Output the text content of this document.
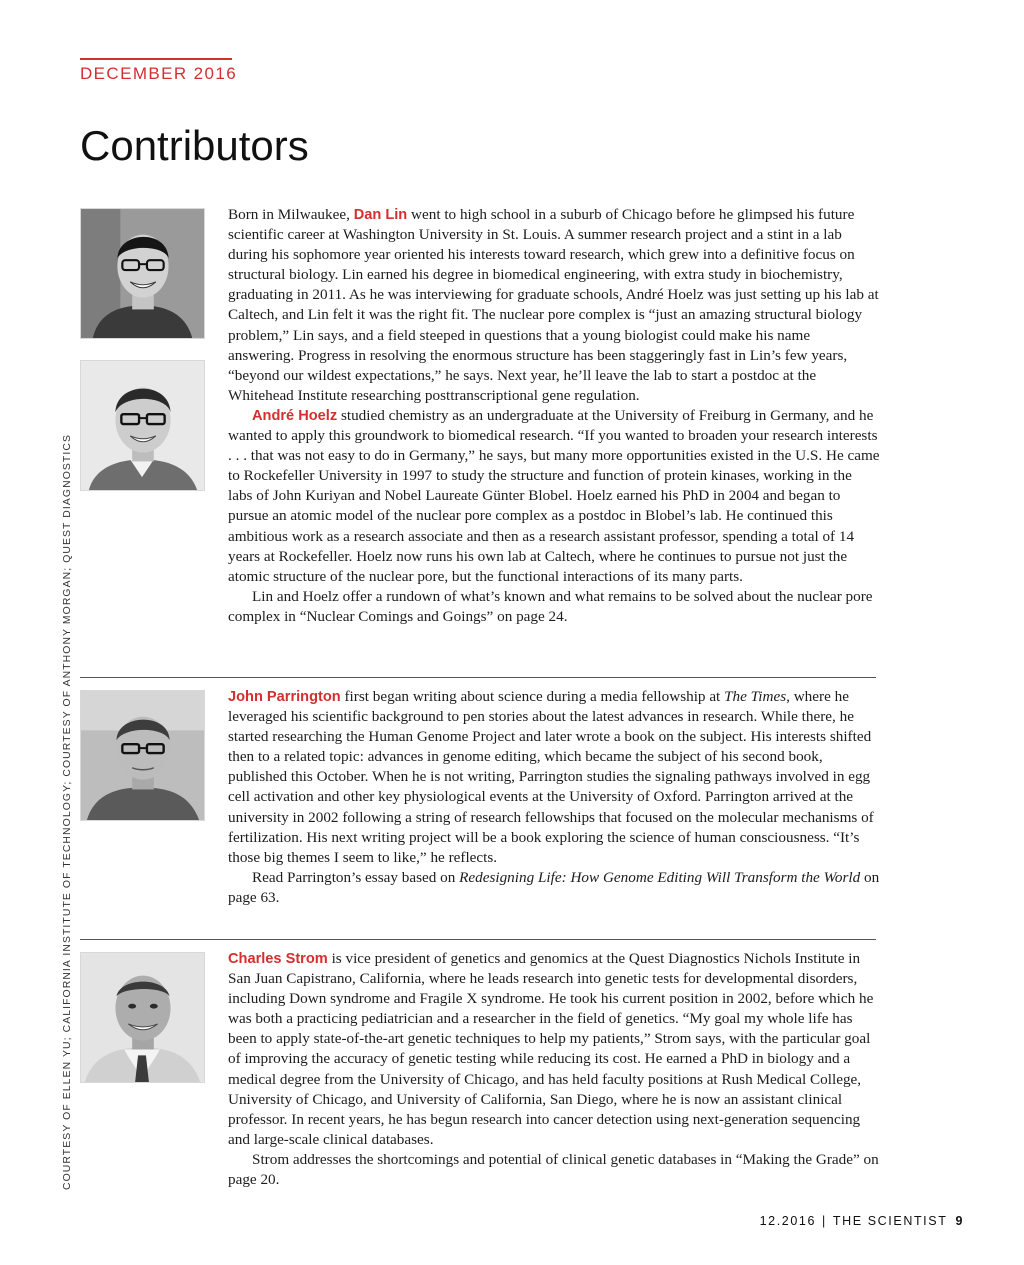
DECEMBER 2016
Contributors
COURTESY OF ELLEN YU; CALIFORNIA INSTITUTE OF TECHNOLOGY; COURTESY OF ANTHONY MORGAN; QUEST DIAGNOSTICS

Born in Milwaukee, Dan Lin went to high school in a suburb of Chicago before he glimpsed his future scientific career at Washington University in St. Louis. A summer research project and a stint in a lab during his sophomore year oriented his interests toward research, which grew into a definitive focus on structural biology. Lin earned his degree in biomedical engineering, with extra study in biochemistry, graduating in 2011. As he was interviewing for graduate schools, André Hoelz was just setting up his lab at Caltech, and Lin felt it was the right fit. The nuclear pore complex is “just an amazing structural biology problem,” Lin says, and a field steeped in questions that a young biologist could make his name answering. Progress in resolving the enormous structure has been staggeringly fast in Lin’s few years, “beyond our wildest expectations,” he says. Next year, he’ll leave the lab to start a postdoc at the Whitehead Institute researching posttranscriptional gene regulation.

André Hoelz studied chemistry as an undergraduate at the University of Freiburg in Germany, and he wanted to apply this groundwork to biomedical research. “If you wanted to broaden your research interests . . . that was not easy to do in Germany,” he says, but many more opportunities existed in the U.S. He came to Rockefeller University in 1997 to study the structure and function of protein kinases, working in the labs of John Kuriyan and Nobel Laureate Günter Blobel. Hoelz earned his PhD in 2004 and began to pursue an atomic model of the nuclear pore complex as a postdoc in Blobel’s lab. He continued this ambitious work as a research associate and then as a research assistant professor, spending a total of 14 years at Rockefeller. Hoelz now runs his own lab at Caltech, where he continues to pursue not just the atomic structure of the nuclear pore, but the functional interactions of its many parts.

Lin and Hoelz offer a rundown of what’s known and what remains to be solved about the nuclear pore complex in “Nuclear Comings and Goings” on page 24.

John Parrington first began writing about science during a media fellowship at The Times, where he leveraged his scientific background to pen stories about the latest advances in research. While there, he started researching the Human Genome Project and later wrote a book on the subject. His interests shifted then to a related topic: advances in genome editing, which became the subject of his second book, published this October. When he is not writing, Parrington studies the signaling pathways involved in egg cell activation and other key physiological events at the University of Oxford. Parrington arrived at the university in 2002 following a string of research fellowships that focused on the molecular mechanisms of fertilization. His next writing project will be a book exploring the science of human consciousness. “It’s those big themes I seem to like,” he reflects.

Read Parrington’s essay based on Redesigning Life: How Genome Editing Will Transform the World on page 63.

Charles Strom is vice president of genetics and genomics at the Quest Diagnostics Nichols Institute in San Juan Capistrano, California, where he leads research into genetic tests for developmental disorders, including Down syndrome and Fragile X syndrome. He took his current position in 2002, before which he was both a practicing pediatrician and a researcher in the field of genetics. “My goal my whole life has been to apply state-of-the-art genetic techniques to help my patients,” Strom says, with the particular goal of improving the accuracy of genetic testing while reducing its cost. He earned a PhD in biology and a medical degree from the University of Chicago, and has held faculty positions at Rush Medical College, University of Chicago, and University of California, San Diego, where he is now an assistant clinical professor. In recent years, he has begun research into cancer detection using next-generation sequencing and large-scale clinical databases.

Strom addresses the shortcomings and potential of clinical genetic databases in “Making the Grade” on page 20.

12.2016 | THE SCIENTIST 9
